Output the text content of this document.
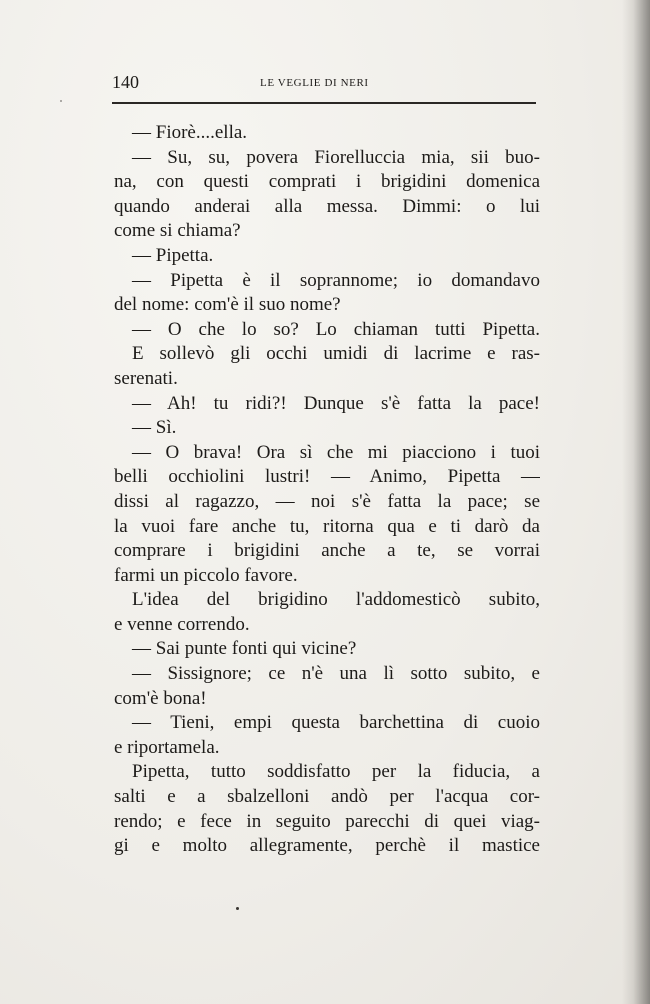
140	LE VEGLIE DI NERI
— Fiorè....ella.
— Su, su, povera Fiorelluccia mia, sii buo-
na, con questi comprati i brigidini domenica
quando anderai alla messa. Dimmi: o lui
come si chiama?
— Pipetta.
— Pipetta è il soprannome; io domandavo
del nome: com'è il suo nome?
— O che lo so? Lo chiaman tutti Pipetta.
E sollevò gli occhi umidi di lacrime e ras-
serenati.
— Ah! tu ridi?! Dunque s'è fatta la pace!
— Sì.
— O brava! Ora sì che mi piacciono i tuoi
belli occhiolini lustri! — Animo, Pipetta —
dissi al ragazzo, — noi s'è fatta la pace; se
la vuoi fare anche tu, ritorna qua e ti darò da
comprare i brigidini anche a te, se vorrai
farmi un piccolo favore.
L'idea del brigidino l'addomesticò subito,
e venne correndo.
— Sai punte fonti qui vicine?
— Sissignore; ce n'è una lì sotto subito, e
com'è bona!
— Tieni, empi questa barchettina di cuoio
e riportamela.
Pipetta, tutto soddisfatto per la fiducia, a
salti e a sbalzelloni andò per l'acqua cor-
rendo; e fece in seguito parecchi di quei viag-
gi e molto allegramente, perchè il mastice
